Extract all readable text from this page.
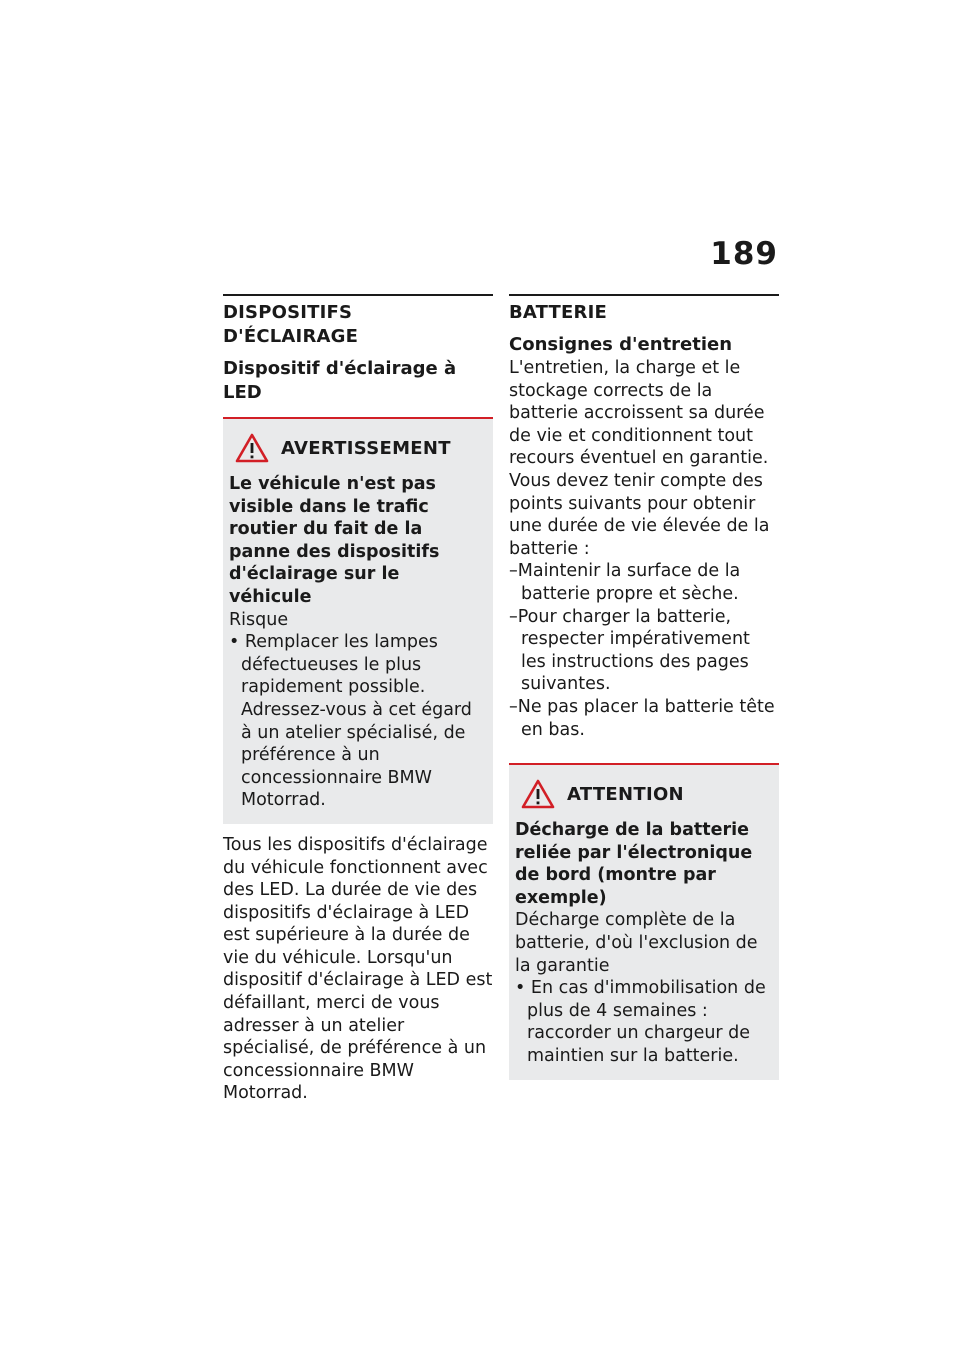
189
DISPOSITIFS D'ÉCLAIRAGE
Dispositif d'éclairage à LED
AVERTISSEMENT

Le véhicule n'est pas visible dans le trafic routier du fait de la panne des dispositifs d'éclairage sur le véhicule

Risque

• Remplacer les lampes défectueuses le plus rapidement possible. Adressez-vous à cet égard à un atelier spécialisé, de préférence à un concessionnaire BMW Motorrad.

Tous les dispositifs d'éclairage du véhicule fonctionnent avec des LED. La durée de vie des dispositifs d'éclairage à LED est supérieure à la durée de vie du véhicule. Lorsqu'un dispositif d'éclairage à LED est défaillant, merci de vous adresser à un atelier spécialisé, de préférence à un concessionnaire BMW Motorrad.

BATTERIE
Consignes d'entretien

L'entretien, la charge et le stockage corrects de la batterie accroissent sa durée de vie et conditionnent tout recours éventuel en garantie.

Vous devez tenir compte des points suivants pour obtenir une durée de vie élevée de la batterie :

– Maintenir la surface de la batterie propre et sèche.
– Pour charger la batterie, respecter impérativement les instructions des pages suivantes.
– Ne pas placer la batterie tête en bas.
ATTENTION

Décharge de la batterie reliée par l'électronique de bord (montre par exemple)

Décharge complète de la batterie, d'où l'exclusion de la garantie

• En cas d'immobilisation de plus de 4 semaines : raccorder un chargeur de maintien sur la batterie.
